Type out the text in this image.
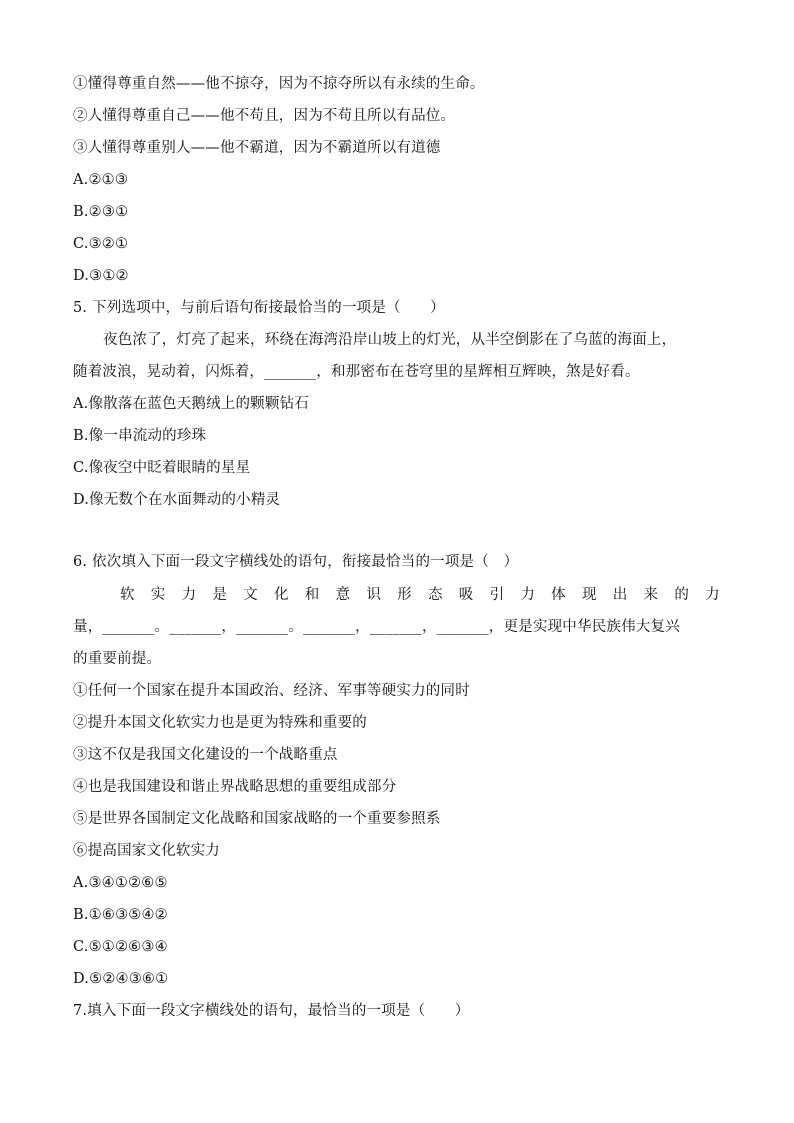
①懂得尊重自然——他不掠夺，因为不掠夺所以有永续的生命。
②人懂得尊重自己——他不苟且，因为不苟且所以有品位。
③人懂得尊重别人——他不霸道，因为不霸道所以有道德
A.②①③
B.②③①
C.③②①
D.③①②
5. 下列选项中，与前后语句衔接最恰当的一项是（　　）
夜色浓了，灯亮了起来，环绕在海湾沿岸山坡上的灯光，从半空倒影在了乌蓝的海面上，
随着波浪，晃动着，闪烁着，_______，和那密布在苍穹里的星辉相互辉映，煞是好看。
A.像散落在蓝色天鹅绒上的颗颗钻石
B.像一串流动的珍珠
C.像夜空中眨着眼睛的星星
D.像无数个在水面舞动的小精灵
6. 依次填入下面一段文字横线处的语句，衔接最恰当的一项是（　）
软 实 力 是 文 化 和 意 识 形 态 吸 引 力 体 现 出 来 的 力
量，_______。_______，_______。_______，_______，_______，更是实现中华民族伟大复兴
的重要前提。
①任何一个国家在提升本国政治、经济、军事等硬实力的同时
②提升本国文化软实力也是更为特殊和重要的
③这不仅是我国文化建设的一个战略重点
④也是我国建设和谐止界战略思想的重要组成部分
⑤是世界各国制定文化战略和国家战略的一个重要参照系
⑥提高国家文化软实力
A.③④①②⑥⑤
B.①⑥③⑤④②
C.⑤①②⑥③④
D.⑤②④③⑥①
7.填入下面一段文字横线处的语句，最恰当的一项是（　　）
